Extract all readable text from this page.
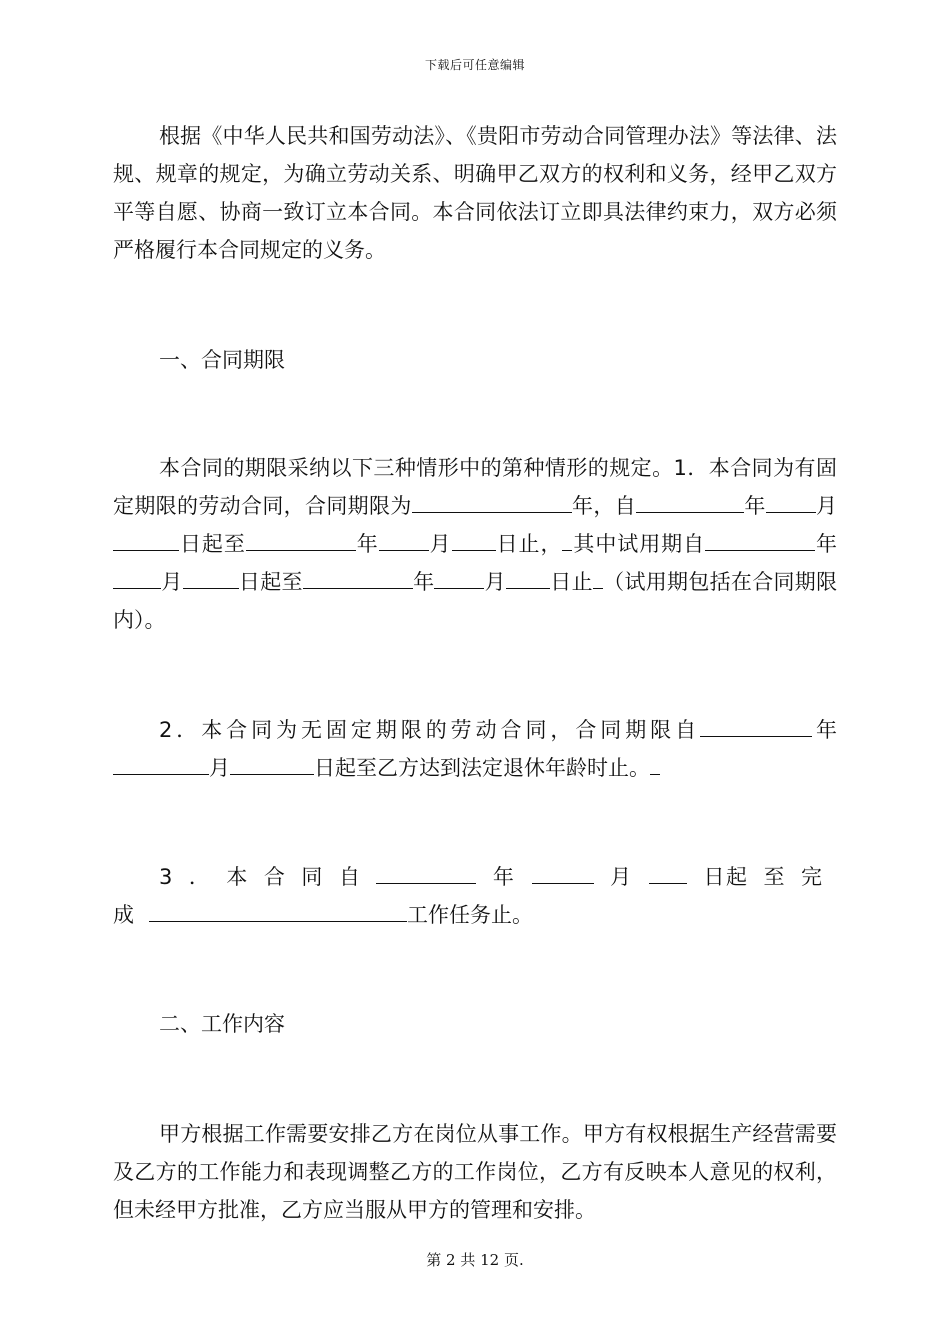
下载后可任意编辑

根据《中华人民共和国劳动法》、《贵阳市劳动合同管理办法》等法律、法规、规章的规定，为确立劳动关系、明确甲乙双方的权利和义务，经甲乙双方平等自愿、协商一致订立本合同。本合同依法订立即具法律约束力，双方必须严格履行本合同规定的义务。

一、合同期限

本合同的期限采纳以下三种情形中的第种情形的规定。1．本合同为有固定期限的劳动合同，合同期限为	年，自	年 月日起至	年 月 日止， 其中试用期自	年月	日起至	年 月 日止 （试用期包括在合同期限内）。

2．本合同为无固定期限的劳动合同，合同期限自	年月	日起至乙方达到法定退休年龄时止。

3．本合同自	年	月	日起至完成	工作任务止。

二、工作内容

甲方根据工作需要安排乙方在岗位从事工作。甲方有权根据生产经营需要及乙方的工作能力和表现调整乙方的工作岗位，乙方有反映本人意见的权利，但未经甲方批准，乙方应当服从甲方的管理和安排。

第 2 共 12 页.
